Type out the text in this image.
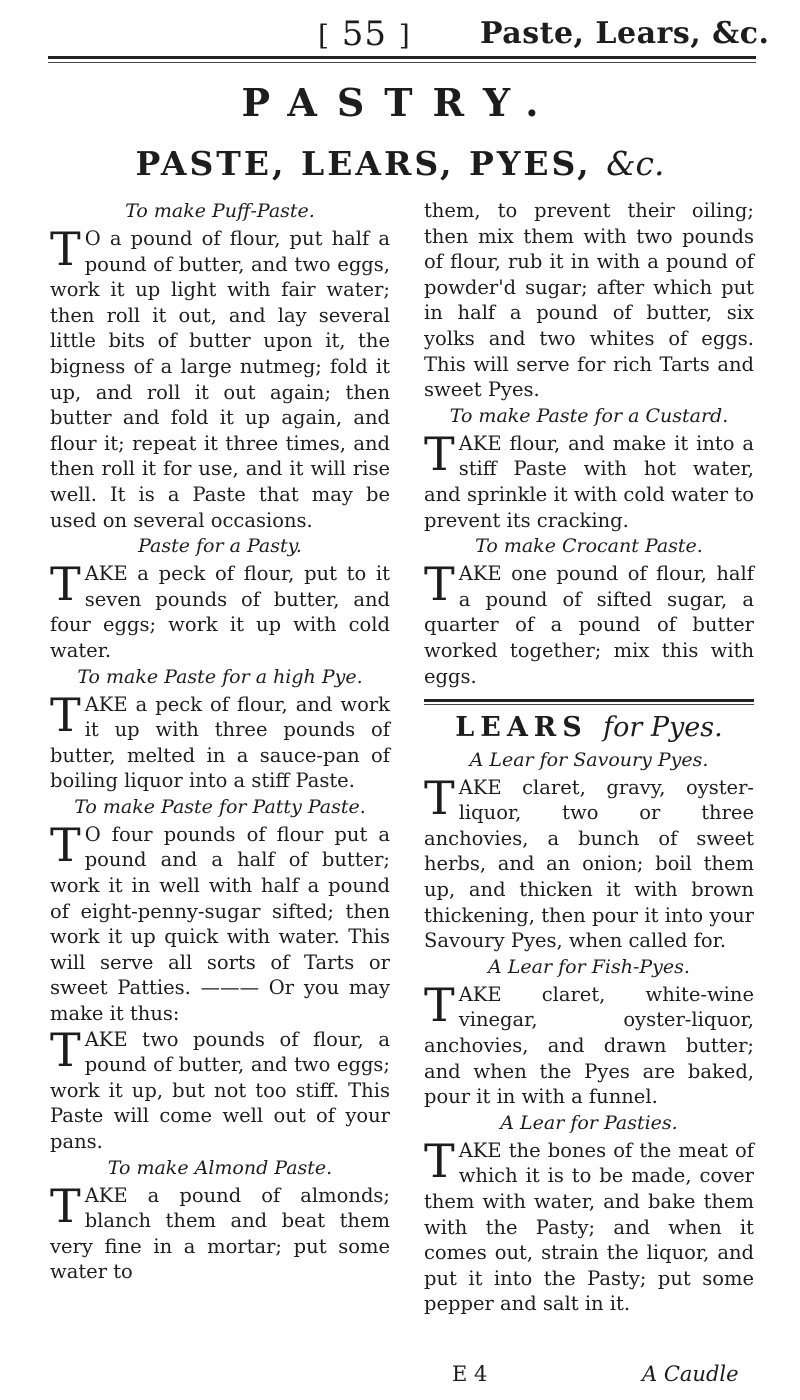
[ 55 ] Paste, Lears, &c.
PASTRY.
PASTE, LEARS, PYES, &c.
To make Puff-Paste.

T O a pound of flour, put half a pound of butter, and two eggs, work it up light with fair water; then roll it out, and lay several little bits of butter upon it, the bigness of a large nutmeg; fold it up, and roll it out again; then butter and fold it up again, and flour it; repeat it three times, and then roll it for use, and it will rise well. It is a Paste that may be used on several occasions.

Paste for a Pasty.

TAKE a peck of flour, put to it seven pounds of butter, and four eggs; work it up with cold water.

To make Paste for a high Pye.

TAKE a peck of flour, and work it up with three pounds of butter, melted in a sauce-pan of boiling liquor into a stiff Paste.

To make Paste for Patty Paste.

T O four pounds of flour put a pound and a half of butter; work it in well with half a pound of eight-penny-sugar sifted; then work it up quick with water. This will serve all sorts of Tarts or sweet Patties. ——— Or you may make it thus:

TAKE two pounds of flour, a pound of butter, and two eggs; work it up, but not too stiff. This Paste will come well out of your pans.

To make Almond Paste.

TAKE a pound of almonds; blanch them and beat them very fine in a mortar; put some water to

them, to prevent their oiling; then mix them with two pounds of flour, rub it in with a pound of powder'd sugar; after which put in half a pound of butter, six yolks and two whites of eggs. This will serve for rich Tarts and sweet Pyes.

To make Paste for a Custard.

TAKE flour, and make it into a stiff Paste with hot water, and sprinkle it with cold water to prevent its cracking.

To make Crocant Paste.

TAKE one pound of flour, half a pound of sifted sugar, a quarter of a pound of butter worked together; mix this with eggs.

LEARS for Pyes.
A Lear for Savoury Pyes.

TAKE claret, gravy, oyster-liquor, two or three anchovies, a bunch of sweet herbs, and an onion; boil them up, and thicken it with brown thickening, then pour it into your Savoury Pyes, when called for.

A Lear for Fish-Pyes.

TAKE claret, white-wine vinegar, oyster-liquor, anchovies, and drawn butter; and when the Pyes are baked, pour it in with a funnel.

A Lear for Pasties.

TAKE the bones of the meat of which it is to be made, cover them with water, and bake them with the Pasty; and when it comes out, strain the liquor, and put it into the Pasty; put some pepper and salt in it.

E 4	A Caudle
